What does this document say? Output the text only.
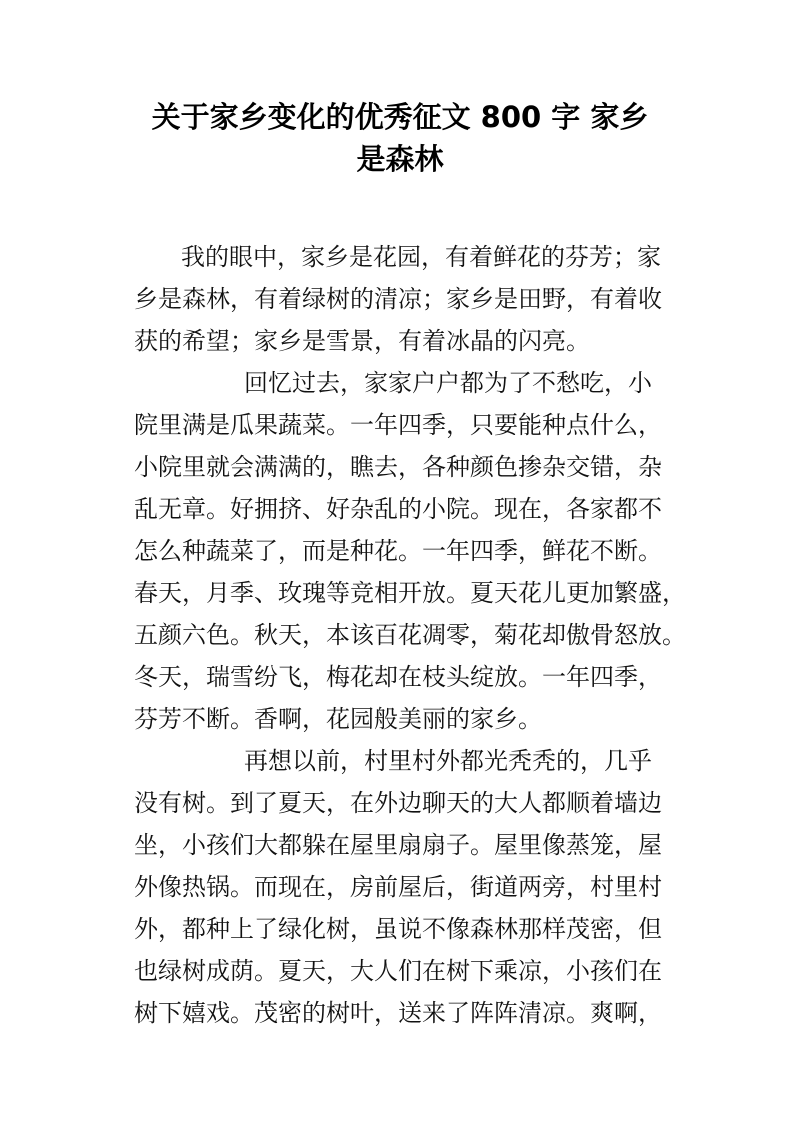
关于家乡变化的优秀征文 800 字 家乡
是森林
我的眼中，家乡是花园，有着鲜花的芬芳；家
乡是森林，有着绿树的清凉；家乡是田野，有着收
获的希望；家乡是雪景，有着冰晶的闪亮。
回忆过去，家家户户都为了不愁吃，小
院里满是瓜果蔬菜。一年四季，只要能种点什么，
小院里就会满满的，瞧去，各种颜色掺杂交错，杂
乱无章。好拥挤、好杂乱的小院。现在，各家都不
怎么种蔬菜了，而是种花。一年四季，鲜花不断。
春天，月季、玫瑰等竞相开放。夏天花儿更加繁盛，
五颜六色。秋天，本该百花凋零，菊花却傲骨怒放。
冬天，瑞雪纷飞，梅花却在枝头绽放。一年四季，
芬芳不断。香啊，花园般美丽的家乡。
再想以前，村里村外都光秃秃的，几乎
没有树。到了夏天，在外边聊天的大人都顺着墙边
坐，小孩们大都躲在屋里扇扇子。屋里像蒸笼，屋
外像热锅。而现在，房前屋后，街道两旁，村里村
外，都种上了绿化树，虽说不像森林那样茂密，但
也绿树成荫。夏天，大人们在树下乘凉，小孩们在
树下嬉戏。茂密的树叶，送来了阵阵清凉。爽啊，
